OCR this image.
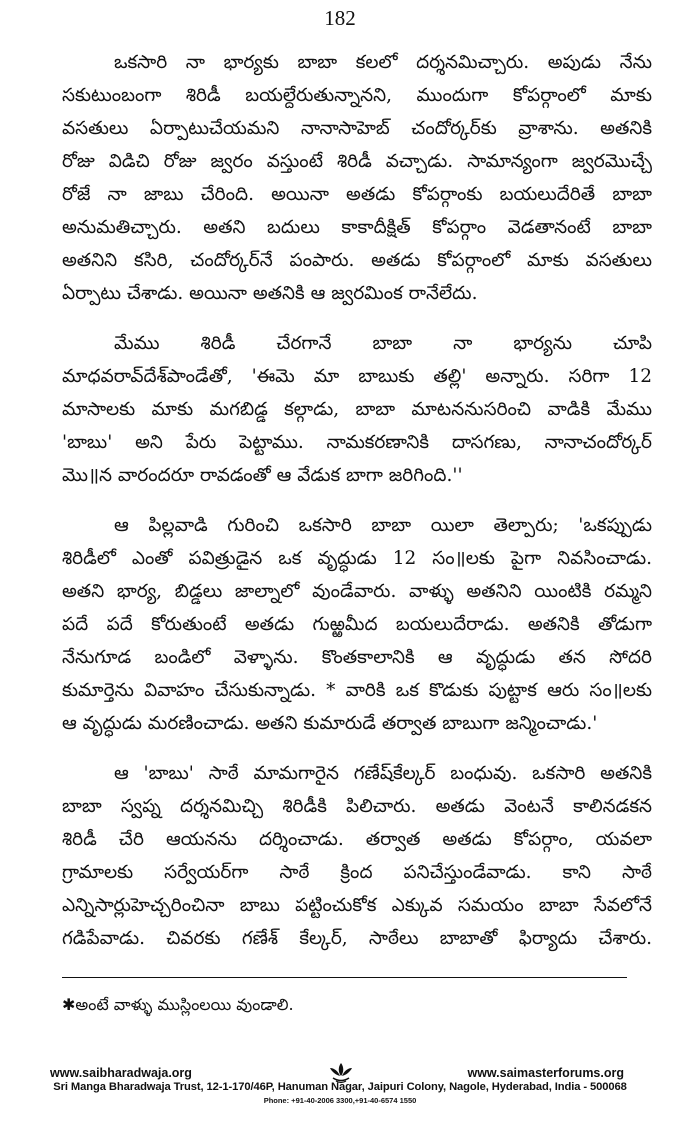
182

ఒకసారి నా భార్యకు బాబా కలలో దర్శనమిచ్చారు. అపుడు నేను
సకుటుంబంగా శిరిడీ బయల్దేరుతున్నానని, ముందుగా కోపర్గాంలో మాకు
వసతులు ఏర్పాటుచేయమని నానాసాహెబ్ చందోర్కర్‌కు వ్రాశాను. అతనికి
రోజు విడిచి రోజు జ్వరం వస్తుంటే శిరిడీ వచ్చాడు. సామాన్యంగా జ్వరమొచ్చే
రోజే నా జాబు చేరింది. అయినా అతడు కోపర్గాంకు బయలుదేరితే బాబా
అనుమతిచ్చారు. అతని బదులు కాకాదీక్షిత్ కోపర్గాం వెడతానంటే బాబా
అతనిని కసిరి, చందోర్కర్‌నే పంపారు. అతడు కోపర్గాంలో మాకు వసతులు
ఏర్పాటు చేశాడు. అయినా అతనికి ఆ జ్వరమింక రానేలేదు.

మేము శిరిడీ చేరగానే బాబా నా భార్యను చూపి
మాధవరావ్‌దేశ్‌పాండేతో, 'ఈమె మా బాబుకు తల్లి' అన్నారు. సరిగా 12
మాసాలకు మాకు మగబిడ్డ కల్గాడు, బాబా మాటననుసరించి వాడికి మేము
'బాబు' అని పేరు పెట్టాము. నామకరణానికి దాసగణు, నానాచందోర్కర్
మొ॥న వారందరూ రావడంతో ఆ వేడుక బాగా జరిగింది.''

ఆ పిల్లవాడి గురించి ఒకసారి బాబా యిలా తెల్పారు; 'ఒకప్పుడు
శిరిడీలో ఎంతో పవిత్రుడైన ఒక వృద్ధుడు 12 సం॥లకు పైగా నివసించాడు.
అతని భార్య, బిడ్డలు జాల్నాలో వుండేవారు. వాళ్ళు అతనిని యింటికి రమ్మని
పదే పదే కోరుతుంటే అతడు గుఱ్ఱమీద బయలుదేరాడు. అతనికి తోడుగా
నేనుగూడ బండిలో వెళ్ళాను. కొంతకాలానికి ఆ వృద్ధుడు తన సోదరి
కుమార్తెను వివాహం చేసుకున్నాడు. * వారికి ఒక కొడుకు పుట్టాక ఆరు సం॥లకు
ఆ వృద్ధుడు మరణించాడు. అతని కుమారుడే తర్వాత బాబుగా జన్మించాడు.'

ఆ 'బాబు' సాఠే మామగారైన గణేష్‌కేల్కర్ బంధువు. ఒకసారి అతనికి
బాబా స్వప్న దర్శనమిచ్చి శిరిడీకి పిలిచారు. అతడు వెంటనే కాలినడకన
శిరిడీ చేరి ఆయనను దర్శించాడు. తర్వాత అతడు కోపర్గాం, యవలా
గ్రామాలకు సర్వేయర్‌గా సాఠే క్రింద పనిచేస్తుండేవాడు. కాని సాఠే
ఎన్నిసార్లుహెచ్చరించినా బాబు పట్టించుకోక ఎక్కువ సమయం బాబా సేవలోనే
గడిపేవాడు. చివరకు గణేశ్ కేల్కర్, సాఠేలు బాబాతో ఫిర్యాదు చేశారు.

✱అంటే వాళ్ళు ముస్లింలయి వుండాలి.
www.saibharadwaja.org	www.saimasterforums.org
Sri Manga Bharadwaja Trust, 12-1-170/46P, Hanuman Nagar, Jaipuri Colony, Nagole, Hyderabad, India - 500068
Phone: +91-40-2006 3300,+91-40-6574 1550
